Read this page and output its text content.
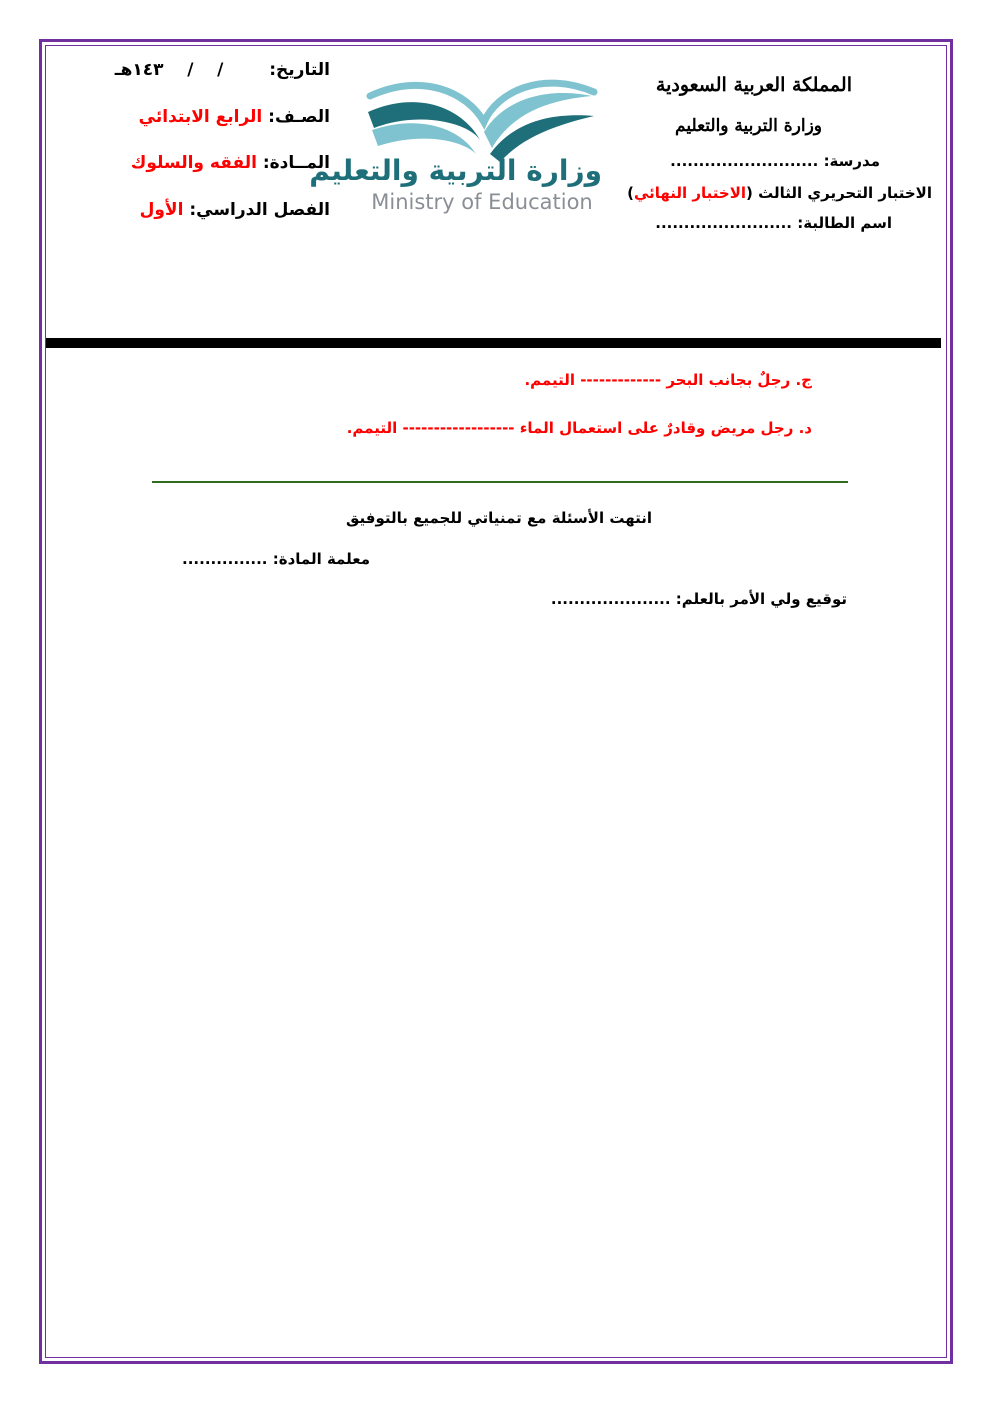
التاريخ: /    /    ١٤٣هـ
الصـف: الرابع الابتدائي
المــادة: الفقه والسلوك
الفصل الدراسي: الأول
وزارة التربية والتعليم
Ministry of Education
المملكة العربية السعودية
وزارة التربية والتعليم
مدرسة: ..........................
الاختبار التحريري الثالث (الاختبار النهائي)
اسم الطالبة: ........................
ج. رجلٌ بجانب البحر ------------- التيمم.
د. رجل مريض وقادرٌ على استعمال الماء ------------------ التيمم.
انتهت الأسئلة مع تمنياتي للجميع بالتوفيق
معلمة المادة: ...............
توقيع ولي الأمر بالعلم: .....................
